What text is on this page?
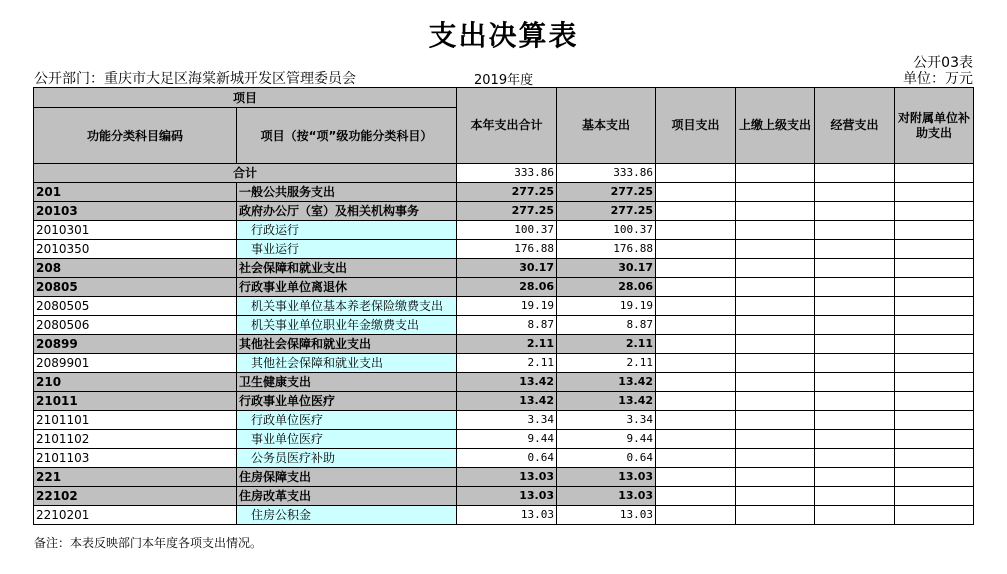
支出决算表
公开03表
公开部门：重庆市大足区海棠新城开发区管理委员会	2019年度	单位：万元
项目		本年支出合计	基本支出	项目支出	上缴上级支出	经营支出	对附属单位补助支出
功能分类科目编码	项目（按“项”级功能分类科目）						
合计		333.86	333.86				
201	一般公共服务支出	277.25	277.25				
20103	政府办公厅（室）及相关机构事务	277.25	277.25				
2010301	行政运行	100.37	100.37				
2010350	事业运行	176.88	176.88				
208	社会保障和就业支出	30.17	30.17				
20805	行政事业单位离退休	28.06	28.06				
2080505	机关事业单位基本养老保险缴费支出	19.19	19.19				
2080506	机关事业单位职业年金缴费支出	8.87	8.87				
20899	其他社会保障和就业支出	2.11	2.11				
2089901	其他社会保障和就业支出	2.11	2.11				
210	卫生健康支出	13.42	13.42				
21011	行政事业单位医疗	13.42	13.42				
2101101	行政单位医疗	3.34	3.34				
2101102	事业单位医疗	9.44	9.44				
2101103	公务员医疗补助	0.64	0.64				
221	住房保障支出	13.03	13.03				
22102	住房改革支出	13.03	13.03				
2210201	住房公积金	13.03	13.03				
备注：本表反映部门本年度各项支出情况。
